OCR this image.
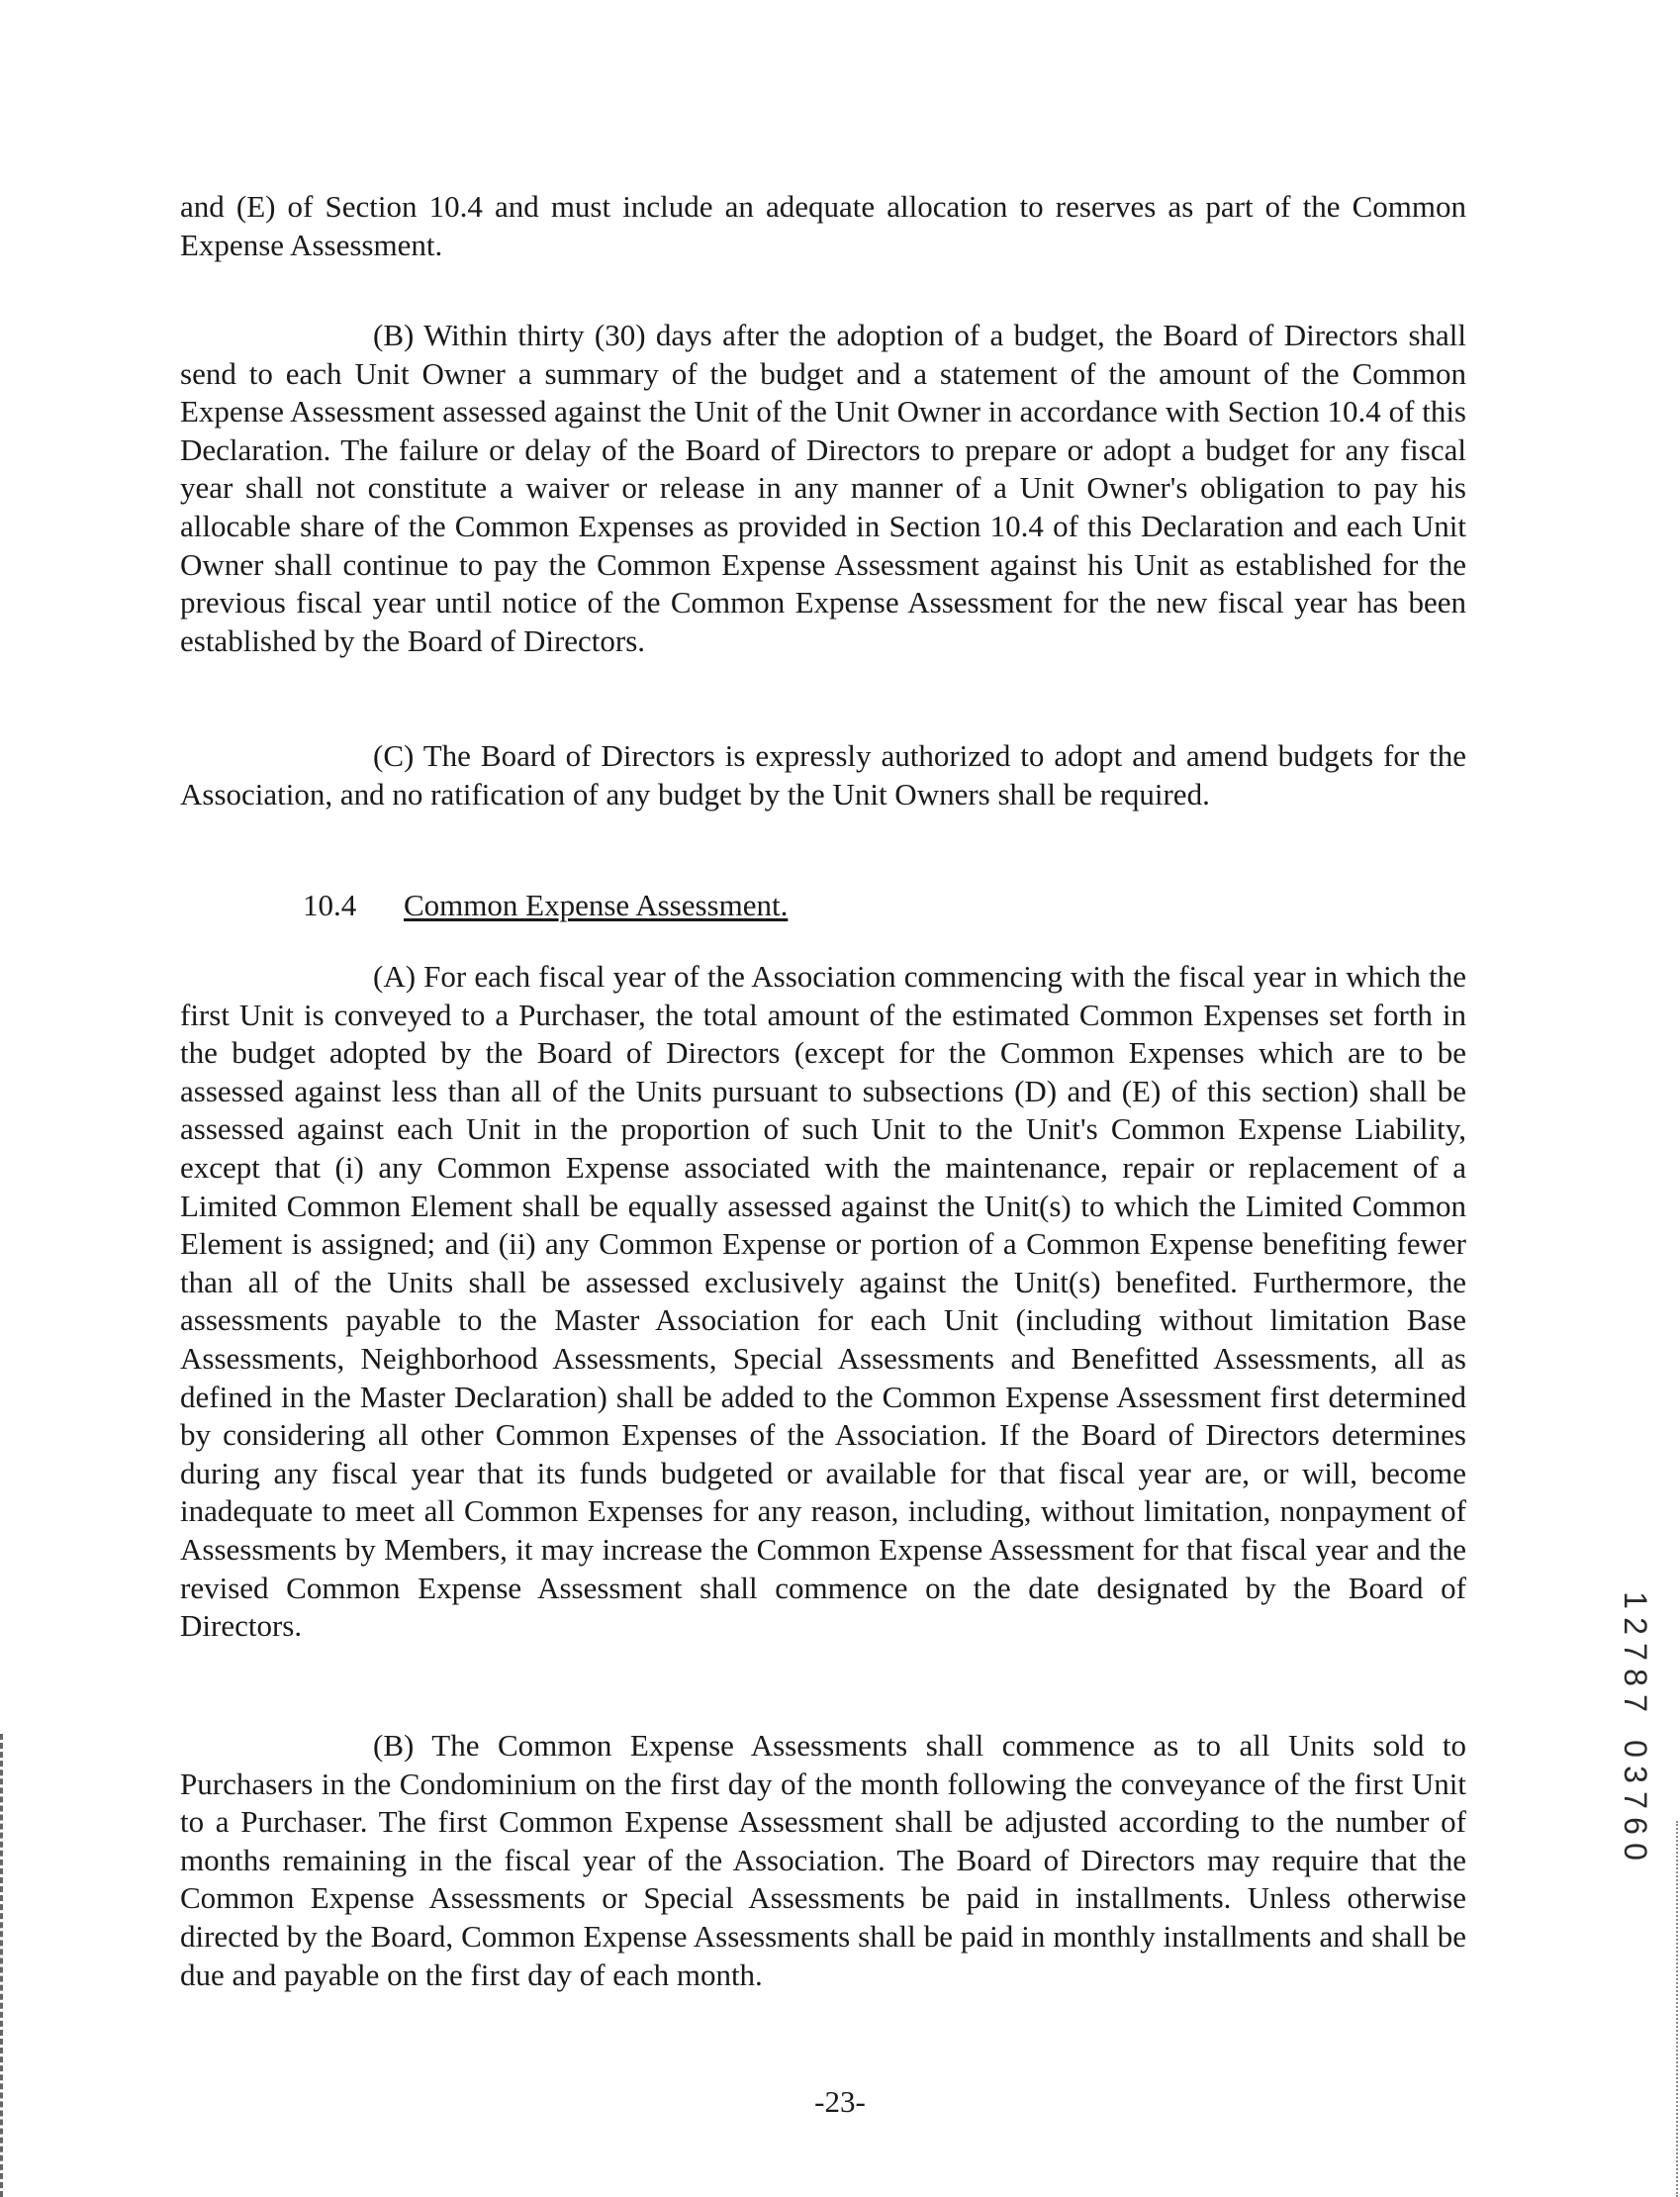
and (E) of Section 10.4 and must include an adequate allocation to reserves as part of the Common Expense Assessment.

(B) Within thirty (30) days after the adoption of a budget, the Board of Directors shall send to each Unit Owner a summary of the budget and a statement of the amount of the Common Expense Assessment assessed against the Unit of the Unit Owner in accordance with Section 10.4 of this Declaration. The failure or delay of the Board of Directors to prepare or adopt a budget for any fiscal year shall not constitute a waiver or release in any manner of a Unit Owner's obligation to pay his allocable share of the Common Expenses as provided in Section 10.4 of this Declaration and each Unit Owner shall continue to pay the Common Expense Assessment against his Unit as established for the previous fiscal year until notice of the Common Expense Assessment for the new fiscal year has been established by the Board of Directors.

(C) The Board of Directors is expressly authorized to adopt and amend budgets for the Association, and no ratification of any budget by the Unit Owners shall be required.

10.4 Common Expense Assessment.

(A) For each fiscal year of the Association commencing with the fiscal year in which the first Unit is conveyed to a Purchaser, the total amount of the estimated Common Expenses set forth in the budget adopted by the Board of Directors (except for the Common Expenses which are to be assessed against less than all of the Units pursuant to subsections (D) and (E) of this section) shall be assessed against each Unit in the proportion of such Unit to the Unit's Common Expense Liability, except that (i) any Common Expense associated with the maintenance, repair or replacement of a Limited Common Element shall be equally assessed against the Unit(s) to which the Limited Common Element is assigned; and (ii) any Common Expense or portion of a Common Expense benefiting fewer than all of the Units shall be assessed exclusively against the Unit(s) benefited. Furthermore, the assessments payable to the Master Association for each Unit (including without limitation Base Assessments, Neighborhood Assessments, Special Assessments and Benefitted Assessments, all as defined in the Master Declaration) shall be added to the Common Expense Assessment first determined by considering all other Common Expenses of the Association. If the Board of Directors determines during any fiscal year that its funds budgeted or available for that fiscal year are, or will, become inadequate to meet all Common Expenses for any reason, including, without limitation, nonpayment of Assessments by Members, it may increase the Common Expense Assessment for that fiscal year and the revised Common Expense Assessment shall commence on the date designated by the Board of Directors.

(B) The Common Expense Assessments shall commence as to all Units sold to Purchasers in the Condominium on the first day of the month following the conveyance of the first Unit to a Purchaser. The first Common Expense Assessment shall be adjusted according to the number of months remaining in the fiscal year of the Association. The Board of Directors may require that the Common Expense Assessments or Special Assessments be paid in installments. Unless otherwise directed by the Board, Common Expense Assessments shall be paid in monthly installments and shall be due and payable on the first day of each month.

-23-
1
2
7
8
7
0
3
7
6
0
